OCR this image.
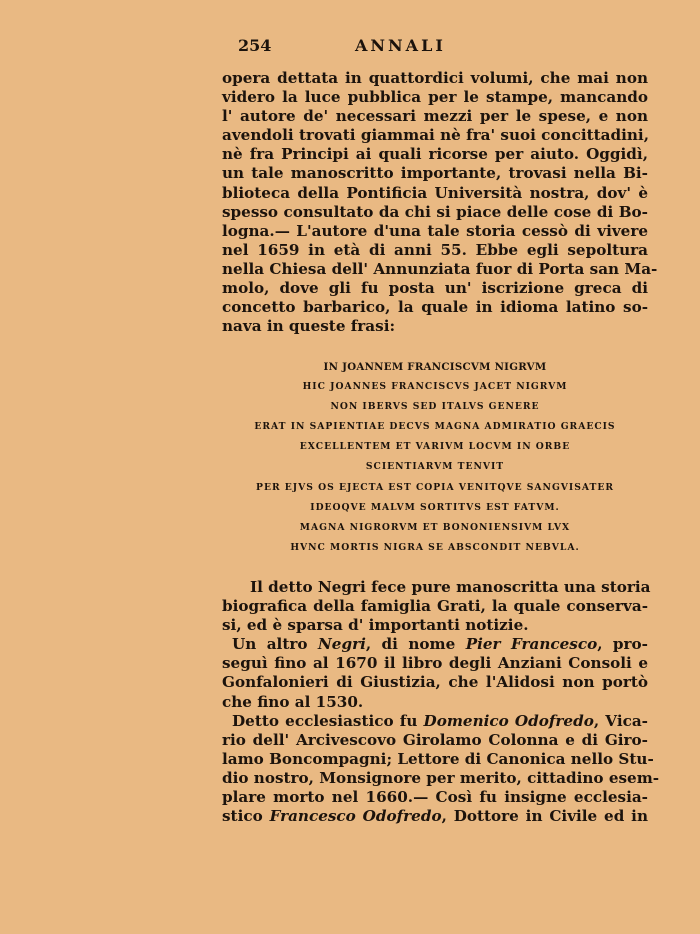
254	ANNALI
opera dettata in quattordici volumi, che mai non
videro la luce pubblica per le stampe, mancando
l' autore de' necessari mezzi per le spese, e non
avendoli trovati giammai nè fra' suoi concittadini,
nè fra Principi ai quali ricorse per aiuto. Oggidì,
un tale manoscritto importante, trovasi nella Bi-
blioteca della Pontificia Università nostra, dov' è
spesso consultato da chi si piace delle cose di Bo-
logna.— L'autore d'una tale storia cessò di vivere
nel 1659 in età di anni 55. Ebbe egli sepoltura
nella Chiesa dell' Annunziata fuor di Porta san Ma-
molo, dove gli fu posta un' iscrizione greca di
concetto barbarico, la quale in idioma latino so-
nava in queste frasi:
IN JOANNEM FRANCISCVM NIGRVM
HIC JOANNES FRANCISCVS JACET NIGRVM
NON IBERVS SED ITALVS GENERE
ERAT IN SAPIENTIAE DECVS MAGNA ADMIRATIO GRAECIS
EXCELLENTEM ET VARIVM LOCVM IN ORBE
SCIENTIARVM TENVIT
PER EJVS OS EJECTA EST COPIA VENITQVE SANGVISATER
IDEOQVE MALVM SORTITVS EST FATVM.
MAGNA NIGRORVM ET BONONIENSIVM LVX
HVNC MORTIS NIGRA SE ABSCONDIT NEBVLA.
Il detto Negri fece pure manoscritta una storia
biografica della famiglia Grati, la quale conserva-
si, ed è sparsa d' importanti notizie.
Un altro Negri, di nome Pier Francesco, pro-
seguì fino al 1670 il libro degli Anziani Consoli e
Gonfalonieri di Giustizia, che l'Alidosi non portò
che fino al 1530.
Detto ecclesiastico fu Domenico Odofredo, Vica-
rio dell' Arcivescovo Girolamo Colonna e di Giro-
lamo Boncompagni; Lettore di Canonica nello Stu-
dio nostro, Monsignore per merito, cittadino esem-
plare morto nel 1660.— Così fu insigne ecclesia-
stico Francesco Odofredo, Dottore in Civile ed in
